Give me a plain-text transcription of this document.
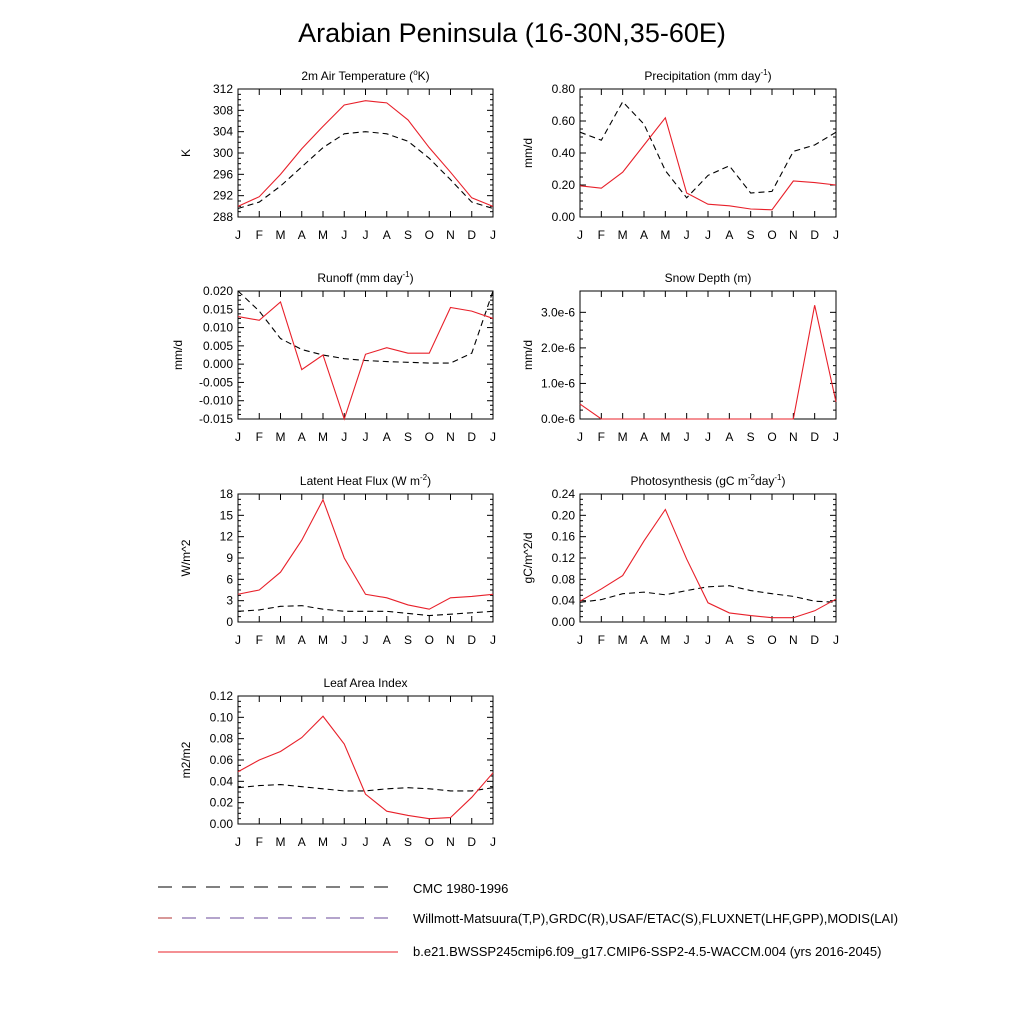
Arabian Peninsula (16-30N,35-60E)
J F M A M J J A S O N D J
288
292
296
300
304
308
312
2m Air Temperature ($^o$K)
K
J F M A M J J A S O N D J
0.00
0.20
0.40
0.60
0.80
Precipitation (mm day$^{-1}$)
mm/d
J F M A M J J A S O N D J
-0.015
-0.010
-0.005
0.000
0.005
0.010
0.015
0.020
Runoff (mm day$^{-1}$)
mm/d
J F M A M J J A S O N D J
0.0e-6
1.0e-6
2.0e-6
3.0e-6
Snow Depth (m)
mm/d
J F M A M J J A S O N D J
0
3
6
9
12
15
18
Latent Heat Flux (W $m^{-2}$)
W/m^2
J F M A M J J A S O N D J
0.00
0.04
0.08
0.12
0.16
0.20
0.24
Photosynthesis (gC $m^{-2}day^{-1}$)
gC/m^2/d
J F M A M J J A S O N D J
0.00
0.02
0.04
0.06
0.08
0.10
0.12
Leaf Area Index
m2/m2
CMC 1980-1996
Willmott-Matsuura(T,P),GRDC(R),USAF/ETAC(S),FLUXNET(LHF,GPP),MODIS(LAI)
b.e21.BWSSP245cmip6.f09_g17.CMIP6-SSP2-4.5-WACCM.004 (yrs 2016-2045)
